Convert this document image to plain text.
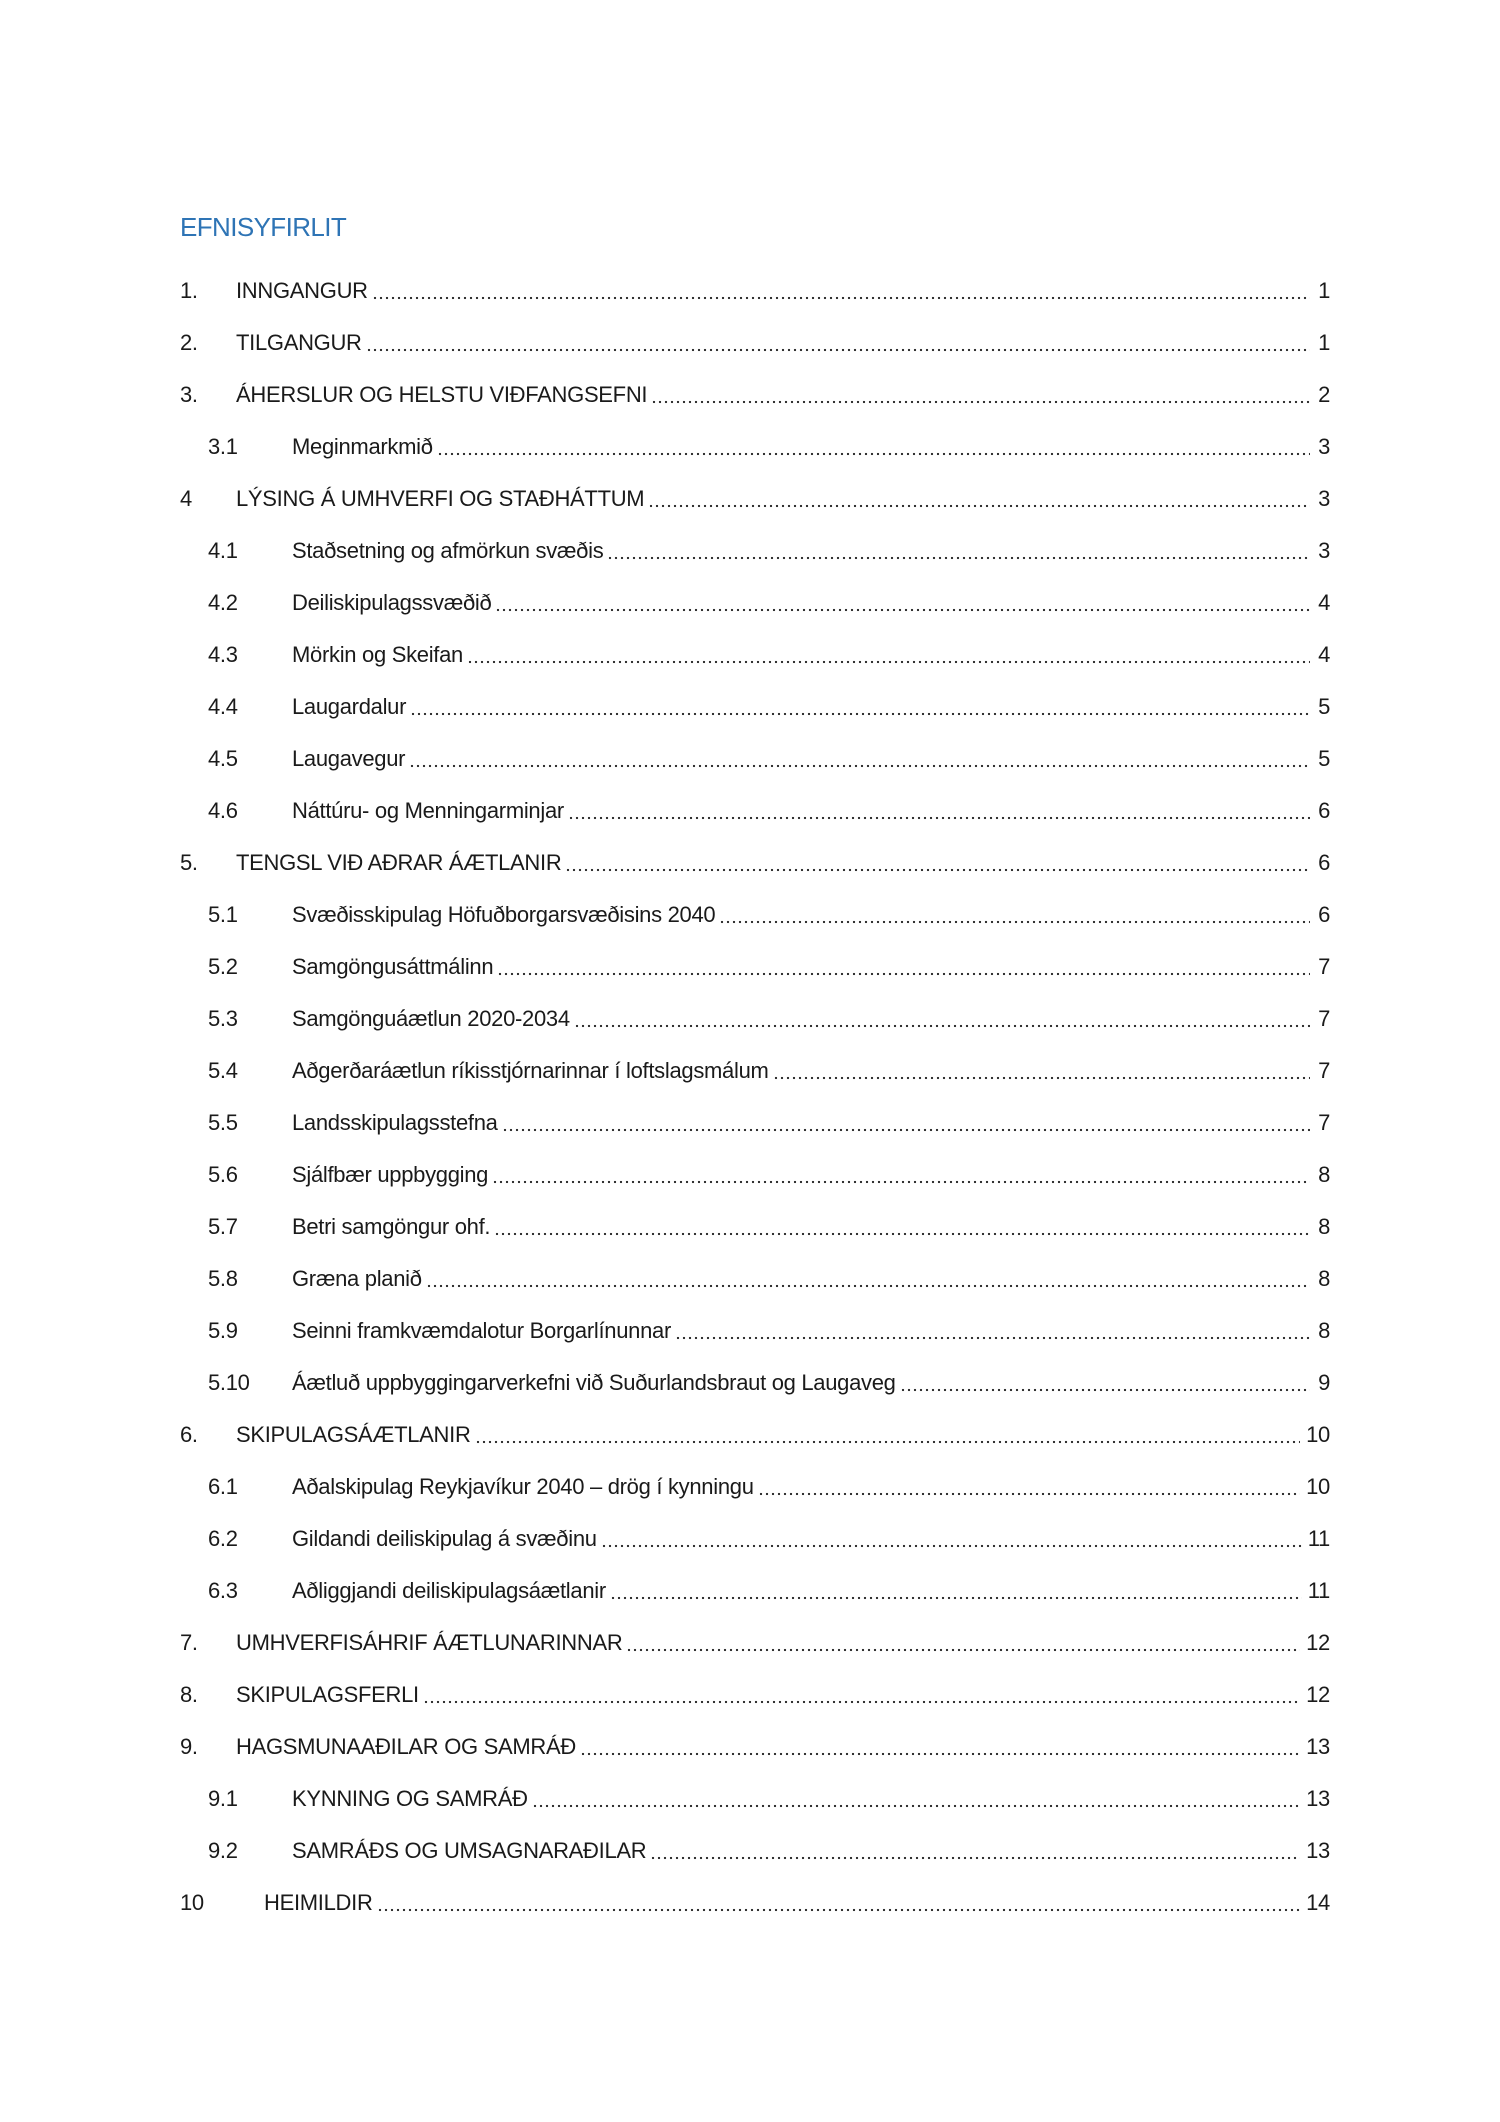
EFNISYFIRLIT
1.	INNGANGUR	1
2.	TILGANGUR	1
3.	ÁHERSLUR OG HELSTU VIÐFANGSEFNI	2
3.1	Meginmarkmið	3
4	LÝSING Á UMHVERFI OG STAÐHÁTTUM	3
4.1	Staðsetning og afmörkun svæðis	3
4.2	Deiliskipulagssvæðið	4
4.3	Mörkin og Skeifan	4
4.4	Laugardalur	5
4.5	Laugavegur	5
4.6	Náttúru- og Menningarminjar	6
5.	TENGSL VIÐ AÐRAR ÁÆTLANIR	6
5.1	Svæðisskipulag Höfuðborgarsvæðisins 2040	6
5.2	Samgöngusáttmálinn	7
5.3	Samgönguáætlun 2020-2034	7
5.4	Aðgerðaráætlun ríkisstjórnarinnar í loftslagsmálum	7
5.5	Landsskipulagsstefna	7
5.6	Sjálfbær uppbygging	8
5.7	Betri samgöngur ohf.	8
5.8	Græna planið	8
5.9	Seinni framkvæmdalotur Borgarlínunnar	8
5.10	Áætluð uppbyggingarverkefni við Suðurlandsbraut og Laugaveg	9
6.	SKIPULAGSÁÆTLANIR	10
6.1	Aðalskipulag Reykjavíkur 2040 – drög í kynningu	10
6.2	Gildandi deiliskipulag á svæðinu	11
6.3	Aðliggjandi deiliskipulagsáætlanir	11
7.	UMHVERFISÁHRIF ÁÆTLUNARINNAR	12
8.	SKIPULAGSFERLI	12
9.	HAGSMUNAAÐILAR OG SAMRÁÐ	13
9.1	KYNNING OG SAMRÁÐ	13
9.2	SAMRÁÐS OG UMSAGNARAÐILAR	13
10	HEIMILDIR	14
